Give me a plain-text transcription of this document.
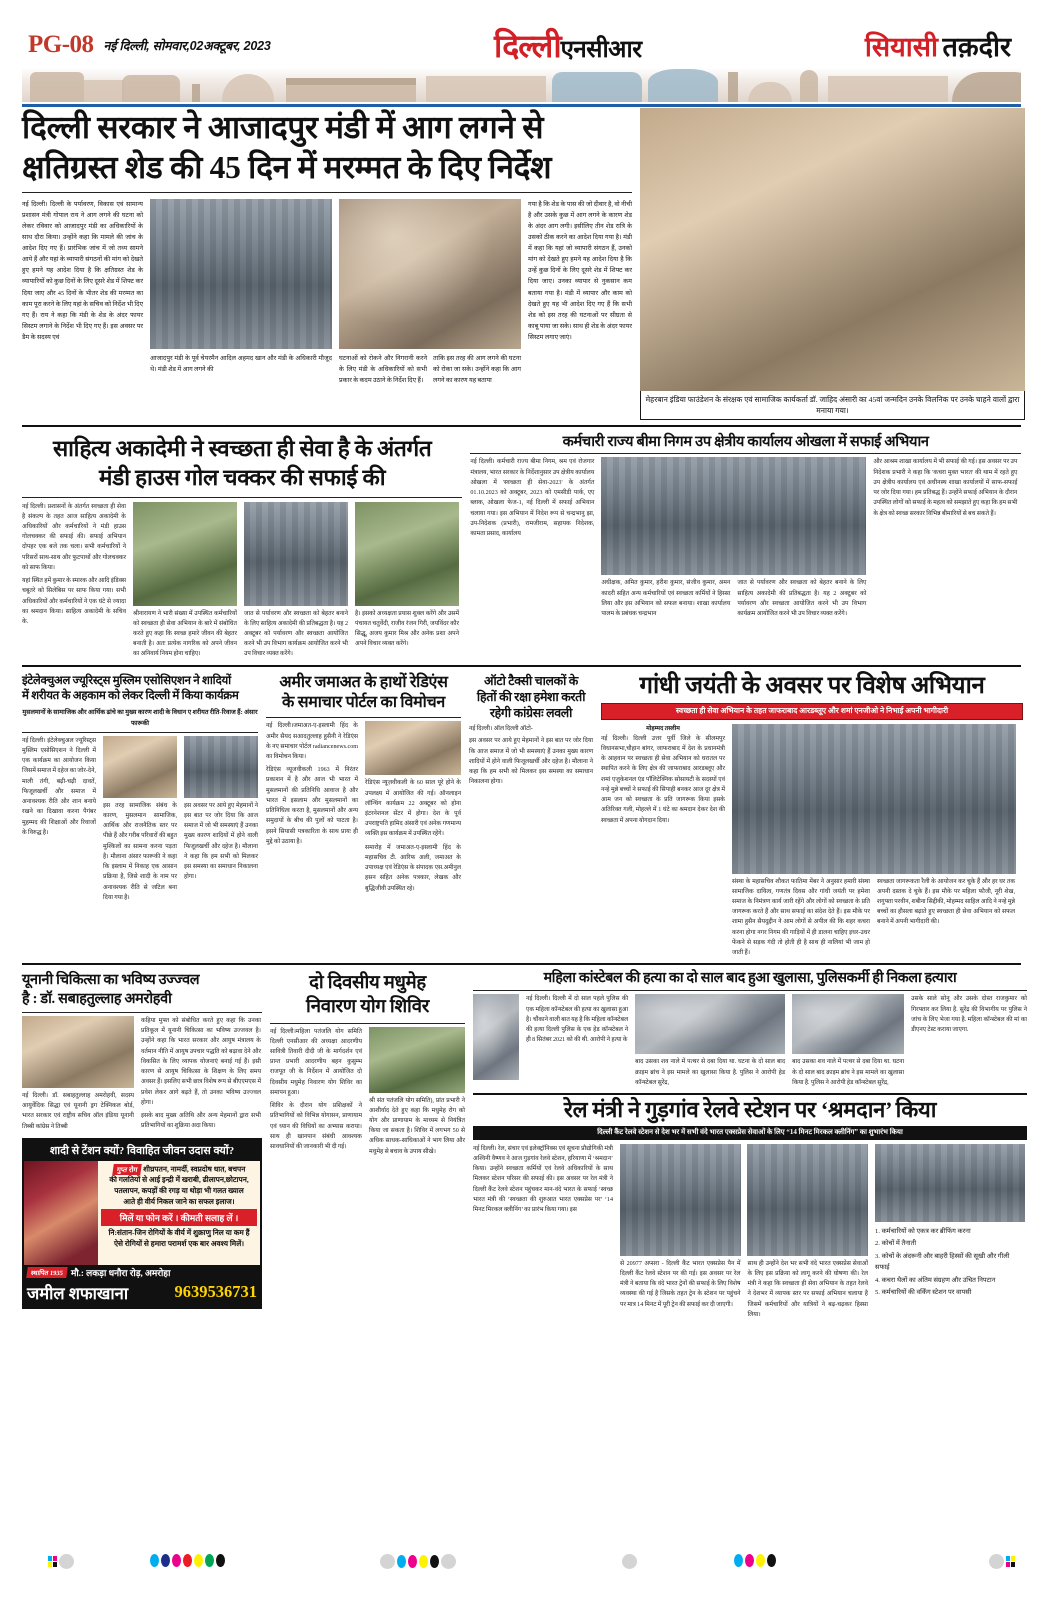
PG-08 नई दिल्ली, सोमवार,02अक्टूबर, 2023	दिल्लीएनसीआर	सियासी तक़दीर
दिल्ली सरकार ने आजादपुर मंडी में आग लगने से
क्षतिग्रस्त शेड की 45 दिन में मरम्मत के दिए निर्देश
नई दिल्ली। दिल्ली के पर्यावरण, विकास एवं सामान्य प्रशासन मंत्री गोपाल राय ने आग लगने की घटना को लेकर रविवार को आजादपुर मंडी का अधिकारियों के साथ दौरा किया। उन्होंने कहा कि मामले की जांच के आदेश दिए गए हैं। प्रारंभिक जांच में जो तथ्य सामने आये हैं और यहां के व्यापारी संगठनों की मांग को देखते हुए हमने यह आदेश दिया है कि क्षतिग्रस्त शेड के व्यापारियों को कुछ दिनों के लिए दूसरे शेड में शिफ्ट कर दिया जाए और 45 दिनों के भीतर शेड की मरम्मत का काम पूरा करने के लिए यहां के सचिव को निर्देश भी दिए गए हैं। राय ने कहा कि मंडी के शेड के अंदर फायर सिस्टम लगाने के निर्देश भी दिए गए हैं। इस अवसर पर डैम के सदस्य एवं
आजादपुर मंडी के पूर्व चेयरमैन आदिल अहमद खान और मंडी के अधिकारी मौजूद थे। मंडी शेड में आग लगने की
घटनाओं को रोकने और निगरानी करने के लिए मंडी के अधिकारियों को सभी प्रकार के कदम उठाने के निर्देश दिए हैं।
ताकि इस तरह की आग लगने की घटना को रोका जा सके। उन्होंने कहा कि आग लगने का कारण यह बताया
गया है कि शेड के पास की जो दीवार है, वो नीची है और उसके कुछ में आग लगने के कारण शेड के अंदर आग लगी। इसीलिए तीन शेड रात्रि के उसको ठीक करने का आदेश दिया गया है। मंडी में कहा कि यहां जो व्यापारी संगठन हैं, उनको मांग को देखते हुए हमने यह आदेश दिया है कि उन्हें कुछ दिनों के लिए दूसरे शेड में शिफ्ट कर दिया जाए। उनका व्यापार से नुकसान कम बताया गया है। मंडी में व्यापार और काम को देखते हुए यह भी आदेश दिए गए हैं कि सभी शेड को इस तरह की घटनाओं पर सीघ्रता से काबू पाया जा सके। साथ ही शेड के अंदर फायर सिस्टम लगाए जाएं।
मेहरबान इंडिया फाउंडेशन के संरक्षक एवं सामाजिक कार्यकर्ता डॉ. जाहिद अंसारी का 45वां जन्मदिन उनके विलनिक पर उनके चाहने वालों द्वारा मनाया गया।
साहित्य अकादेमी ने स्वच्छता ही सेवा है के अंतर्गत
मंडी हाउस गोल चक्कर की सफाई की
नई दिल्ली। प्रशासनों के अंतर्गत स्वच्छता ही सेवा है संकल्प के तहत आज साहित्य अकादेमी के अधिकारियों और कर्मचारियों ने मंडी हाउस गोलचक्कर की सफाई की। सफाई अभियान दोपहर एक बजे तक चला। सभी कर्मचारियों ने परिसरों साथ-साथ और फुटपाथों और गोलचक्कर को साफ किया।
यहां स्थित हमें कुमार के स्मारक और आदि इंडिक्स चबूतरे को सिलेबिस पर साफ किया गया। सभी अधिकारियों और कर्मचारियों ने एक घंटे से ज्यादा का श्रमदान किया। साहित्य अकादेमी के सचिव के.
श्रीनारायण ने भारी संख्या में उपस्थित कर्मचारियों को स्वच्छता ही सेवा अभियान के बारे में संबोधित करते हुए कहा कि स्वच्छ हमारे जीवन की बेहतर बनाती है। अतः प्रत्येक नागरिक को अपने जीवन का अनिवार्य नियम होना चाहिए।
जात से पर्यावरण और स्वच्छता को बेहतर बनाने के लिए साहित्य अकादेमी की प्रतिबद्धता है। यह 2 अक्टूबर को पर्यावरण और स्वच्छता आयोजित करने भी उप विभाग कार्यक्रम आयोजित करने भी उप विचार व्यक्त करेंगे।
है। इसको अध्यक्षता प्रयास शुक्ल करेंगे और उसमें पंचायत चतुर्वेदी, राजीव रंजन गिरी, जयविंदर कौर सिद्धू, अजय कुमार मिश्र और अनेक प्रशा अपने अपने विचार व्यक्त करेंगे।
कर्मचारी राज्य बीमा निगम उप क्षेत्रीय कार्यालय ओखला में सफाई अभियान
नई दिल्ली। कर्मचारी राज्य बीमा निगम, श्रम एवं रोजगार मंत्रालय, भारत सरकार के निर्देशानुसार उप क्षेत्रीय कार्यालय ओखला में 'स्वच्छता ही सेवा-2023' के अंतर्गत 01.10.2023 को अक्टूबर, 2023 को एमसीडी पार्क, एए ब्लाक, ओखला फेज-1, नई दिल्ली में सफाई अभियान चलाया गया। इस अभियान में निदेश रूप से चन्द्रभानु झा, उप-निदेशक (प्रभारी), रामजीराम, सहायक निदेशक, कामता प्रसाद, कार्यालय
अधीक्षक, अमित कुमार, हरीश कुमार, संजीव कुमार, अमन कादरी सहित अन्य कर्मचारियों एवं स्वच्छता कर्मियों ने हिस्सा लिया और इस अभियान को सफल बनाया। शाखा कार्यालय पालम के प्रबंधक चन्द्रभान
जात से पर्यावरण और स्वच्छता को बेहतर बनाने के लिए साहित्य अकादेमी की प्रतिबद्धता है। यह 2 अक्टूबर को पर्यावरण और स्वच्छता आयोजित करने भी उप विभाग कार्यक्रम आयोजित करने भी उप विचार व्यक्त करेंगे।
और आश्रम शाखा कार्यालय में भी सफाई की गई। इस अवसर पर उप निदेशक प्रभारी ने कहा कि 'कचरा मुक्त भारत' की थाम में रहते हुए उप क्षेत्रीय कार्यालय एवं अधीनस्थ शाखा कार्यालयों में साफ-सफाई पर जोर दिया गया। हम प्रतिबद्ध हैं। उन्होंने सफाई अभियान के दौरान उपस्थित लोगों को सफाई के महत्व को समझाते हुए कहा कि हम सभी के क्षेत्र को स्वच्छ सरकार विभिन्न बीमारियों से बच सकते हैं।
इंटेलेक्चुअल ज्यूरिस्ट्स मुस्लिम एसोसिएशन ने शादियों
में शरीयत के अहकाम को लेकर दिल्ली में किया कार्यक्रम
मुसलमानों के सामाजिक और आर्थिक ढांचे का मुख्य कारण शादी के विधान ए शरीयत रीति-रिवाज हैं: अंसार फारूकी
नई दिल्ली। इंटेलेक्चुअल ज्यूरिस्ट्स मुस्लिम एसोसिएशन ने दिल्ली में एक कार्यक्रम का आयोजन किया जिसमें समाज में दहेज का जोर-देने, माली तंगी, बढ़ी-चढ़ी दावतें, फिजूलखर्ची और समाज में अनावश्यक रीति और शान बनाये रखने का दिखावा करना पैगंबर मुहम्मद की शिक्षाओं और रिवाजों के विरुद्ध है।
इस तरह सामाजिक संबंध के कारण, मुसलमान सामाजिक, आर्थिक और राजनैतिक स्तर पर पीछे हैं और गरीब परिवारों की बहुत मुश्किलों का सामना करना पड़ता है। मौलाना अंसार फारूकी ने कहा कि इस्लाम में निकाह एक आसान प्रक्रिया है, जिसे शादी के नाम पर अनावश्यक रीति से जटिल बना दिया गया है।
इस अवसर पर आये हुए मेहमानों ने इस बात पर जोर दिया कि आज समाज में जो भी समस्याएं हैं उनका मुख्य कारण शादियों में होने वाली फिजूलखर्ची और दहेज है। मौलाना ने कहा कि हम सभी को मिलकर इस समस्या का समाधान निकालना होगा।
अमीर जमाअत के हाथों रेडिएंस
के समाचार पोर्टल का विमोचन
नई दिल्ली।जमाअत-ए-इस्लामी हिंद के अमीर सैयद सआदतुल्लाह हुसैनी ने रेडिएंस के नए समाचार पोर्टल radiancenews.com का विमोचन किया।
रेडिएंस व्यूजवीकली 1963 में निरंतर प्रकाशन में है और आज भी भारत में मुसलमानों की प्रतिनिधि आवाज है और भारत में इसलाम और मुसलमानों का प्रतिनिधित्व करता है, मुसलमानों और अन्य समुदायों के बीच की पुलों को पाटता है। इसने सियासी पत्रकारिता के साथ प्रायः ही मुद्दे को उठाया है।
रेडिएंस न्यूज़वीकली के 60 साल पूरे होने के उपलक्ष्य में आयोजित की गई। ऑनलाइन लॉन्चिंग कार्यक्रम 22 अक्टूबर को होना इंटरनेशनल सेंटर में होगा। देश के पूर्व उपराष्ट्रपति हामिद अंसारी एवं अनेक गणमान्य व्यक्ति इस कार्यक्रम में उपस्थित रहेंगे।
समारोह में जमाअत-ए-इस्लामी हिंद के महासचिव टी. आरिफ अली, जमाअत के उपाध्यक्ष एवं रेडिएंस के संपादक एस.अमीनुल हसन सहित अनेक पत्रकार, लेखक और बुद्धिजीवी उपस्थित रहे।
ऑटो टैक्सी चालकों के
हितों की रक्षा हमेशा करती
रहेगी कांग्रेसः लवली
नई दिल्ली। ऑल दिल्ली ऑटो-
इस अवसर पर आये हुए मेहमानों ने इस बात पर जोर दिया कि आज समाज में जो भी समस्याएं हैं उनका मुख्य कारण शादियों में होने वाली फिजूलखर्ची और दहेज है। मौलाना ने कहा कि हम सभी को मिलकर इस समस्या का समाधान निकालना होगा।
गांधी जयंती के अवसर पर विशेष अभियान
स्वच्छता ही सेवा अभियान के तहत जाफराबाद आरडब्लूए और शमां एनजीओ ने निभाई अपनी भागीदारी
मोहम्मद तस्लीम
नई दिल्ली। दिल्ली उत्तर पूर्वी जिले के सीलमपुर विधानसभा,चौहान बांगर, जाफराबाद में देश के प्रधानमंत्री के आहवान पर स्वच्छता ही सेवा अभियान को धरातल पर स्थापित करने के लिए क्षेत्र की जाफराबाद आरडब्लूए और शमां एजुकेशनल एंड पॉलिटेक्निक सोसायटी के सदस्यों एवं नन्हे मुन्ने बच्चों ने सफाई की सिपाही बनकर आज दूर क्षेत्र में आम जन को स्वच्छता के प्रति जागरूक किया इसके अतिरिक्त गली, मोहल्ले में 1 घंटे का श्रमदान देकर देश की स्वच्छता में अपना योगदान दिया।
संस्था के महासचिव शौकत फातिमा मेंबर ने अनुसार हमारी संस्था सामाजिक दायित्व, गणतंत्र दिवस और गांधी जयंती पर हमेशा समाज के निमंत्रण कार्य जारी रहेंगे और लोगों को स्वच्छता के प्रति जागरूक करते हैं और साथ सफाई का संदेश देते हैं। इस मौके पर शामा हुसैन सैयदुद्दीन ने आम लोगों से अपील की कि शहर कचरा करना होगा नगर निगम की गाड़ियों में ही डालना चाहिए इधर-उधर फेंकने से सड़क गंदी तो होती ही है साथ ही नालियां भी जाम हो जाती हैं।
स्वच्छता जागरूकता रैली के आयोजन कर चुके हैं और हर घर तक अपनी दस्तक दे चुके हैं। इस मौके पर महिला फौजी, नूरी शेख, शगुफ्ता परवीन, शबीना सिद्दीकी, मोहम्मद साहिल आदि ने नन्हे मुन्ने बच्चों का हौसला बढ़ाते हुए स्वच्छता ही सेवा अभियान को सफल बनाने में अपनी भागीदारी की।
यूनानी चिकित्सा का भविष्य उज्ज्वल
है : डॉ. सबाहतुल्लाह अमरोहवी
नई दिल्ली। डॉ. सबाहतुल्लाह अमरोहवी, सदस्य आयुर्वेदिक सिद्धा एवं यूनानी ड्रग टेक्निकल बोर्ड, भारत सरकार एवं राष्ट्रीय सचिव ऑल इंडिया यूनानी तिब्बी कांग्रेस ने तिब्बी
कहिया मुफ्त को संबोधित करते हुए कहा कि उनका प्रतिकूल में यूनानी चिकित्सा का भविष्य उज्जवल है। उन्होंने कहा कि भारत सरकार और आयुष मंत्रालय के वर्तमान नीति में आयुष उपचार पद्धति को बढ़ावा देने और विकसित के लिए व्यापक योजनाएं बनाई गई हैं। इसी कारण से आयुष चिकित्सा के शिक्षण के लिए समय अवसर हैं। इसलिए सभी छात्र विशेष रूप से बीएएमएस में प्रवेश लेकर आगे बढ़ते हैं, तो उनका भविष्य उज्ज्वल होगा।
इसके बाद मुख्य अतिथि और अन्य मेहमानों द्वारा सभी प्रतिभागियों का शुक्रिया अदा किया।
शादी से टेंशन क्यों? विवाहित जीवन उदास क्यों?
गुप्त रोग शीघ्रपतन, नामर्दी, स्वप्नदोष धात, बचपन
की गलतियों से आई इन्द्री में खराबी, ढीलापन,छोटापन,
पतलापन, कपड़ों की रगड़ या थोड़ा भी गलत ख्याल
आते ही वीर्य निकल जाने का सफल इलाज।
मिलें या फोन करें । कीमती सलाह लें ।
नि:संतान-जिन रोगियों के वीर्य में शुक्राणु निल या कम हैं
ऐसे रोगियों से हमारा परामर्श एक बार अवश्य मिलें।
स्थापित 1935 मौ.: लकड़ा धनौरा रोड़, अमरोहा
जमील शफाखाना	9639536731
दो दिवसीय मधुमेह
निवारण योग शिविर
नई दिल्ली।महिला पतंजलि योग समिति दिल्ली एनसीआर की अध्यक्षा आदरणीय सावित्री तिवारी दीदी जी के मार्गदर्शन एवं प्रान्त प्रभारी आदरणीय बहन कुसुम्भ राजपूत जी के निर्देशन में आयोजित दो दिवसीय मधुमेह निवारण योग शिविर का समापन हुआ।
शिविर के दौरान योग प्रशिक्षकों ने प्रतिभागियों को विभिन्न योगासन, प्राणायाम एवं ध्यान की विधियों का अभ्यास कराया। साथ ही खानपान संबंधी आवश्यक सावधानियों की जानकारी भी दी गई।
श्री संत पतंजलि योग समिति), प्रांत प्रभारी ने आशीर्वाद देते हुए कहा कि मधुमेह रोग को योग और प्राणायाम के माध्यम से नियंत्रित किया जा सकता है। शिविर में लगभग 50 से अधिक साधक-साधिकाओं ने भाग लिया और मधुमेह से बचाव के उपाय सीखे।
महिला कांस्टेबल की हत्या का दो साल बाद हुआ खुलासा, पुलिसकर्मी ही निकला हत्यारा
नई दिल्ली। दिल्ली में दो साल पहले पुलिस की एक महिला कॉन्स्टेबल की हत्या का खुलासा हुआ है। चौंकाने वाली बात यह है कि महिला कॉन्स्टेबल की हत्या दिल्ली पुलिस के एक हेड कॉन्स्टेबल ने ही 8 सितंबर 2021 को की थी. आरोपी ने हत्या के
बाद उसका शव नाले में पत्थर से दबा दिया था. घटना के दो साल बाद क्राइम ब्रांच ने इस मामले का खुलासा किया है. पुलिस ने आरोपी हेड कॉन्स्टेबल सुरेंद्र,
बाद उसका शव नाले में पत्थर से दबा दिया था. घटना के दो साल बाद क्राइम ब्रांच ने इस मामले का खुलासा किया है. पुलिस ने आरोपी हेड कॉन्स्टेबल सुरेंद्र,
उसके साले सोनू और उसके दोस्त राजकुमार को गिरफ्तार कर लिया है. सुरेंद्र की विभागीय पर पुलिस ने जांच के लिए भेजा गया है. महिला कॉन्स्टेबल की मां का डीएनए टेस्ट कराया जाएगा.
रेल मंत्री ने गुड़गांव रेलवे स्टेशन पर ‘श्रमदान’ किया
दिल्ली कैंट रेलवे स्टेशन से देश भर में सभी वंदे भारत एक्सप्रेस सेवाओं के लिए “14 मिनट मिरकल क्लीनिंग” का शुभारंभ किया
नई दिल्ली। रेल, संचार एवं इलेक्ट्रॉनिक्स एवं सूचना प्रौद्योगिकी मंत्री अश्विनी वैष्णव ने आज गुड़गांव रेलवे स्टेशन, हरियाणा में ‘श्रमदान’ किया। उन्होंने स्वच्छता कर्मियों एवं रेलवे अधिकारियों के साथ मिलकर स्टेशन परिसर की सफाई की। इस अवसर पर रेल मंत्री ने दिल्ली कैंट रेलवे स्टेशन पहुंचकर मान-वंदे भारत के सफाई ‘स्वच्छ भारत मंत्री की ‘स्वच्छता की शुरुआत भारत एक्सप्रेस पर’ ‘14 मिनट मिरकल क्लीनिंग’ का प्रारंभ किया गया। इस
से 20977 अप्सरा - दिल्ली कैंट भारत एक्सप्रेस पैन में दिल्ली कैंट रेलवे स्टेशन पर की गई। इस अवसर पर रेल मंत्री ने बताया कि वंदे भारत ट्रेनों की सफाई के लिए विशेष व्यवस्था की गई है जिसके तहत ट्रेन के स्टेशन पर पहुंचने पर मात्र 14 मिनट में पूरी ट्रेन की सफाई कर दी जाएगी।
साथ ही उन्होंने देश भर सभी वंदे भारत एक्सप्रेस सेवाओं के लिए इस प्रक्रिया को लागू करने की घोषणा की। रेल मंत्री ने कहा कि स्वच्छता ही सेवा अभियान के तहत रेलवे ने देशभर में व्यापक स्तर पर सफाई अभियान चलाया है जिसमें कर्मचारियों और यात्रियों ने बढ़-चढ़कर हिस्सा लिया।
1. कर्मचारियों को एकत्र कर ब्रीफिंग करना
2. कोचों में तैनाती
3. कोचों के अंदरूनी और बाहरी हिस्सों की सूखी और गीली सफाई
4. कचरा थैलों का अंतिम संग्रहण और उचित निपटान
5. कर्मचारियों की वर्किंग स्टेशन पर वापसी
